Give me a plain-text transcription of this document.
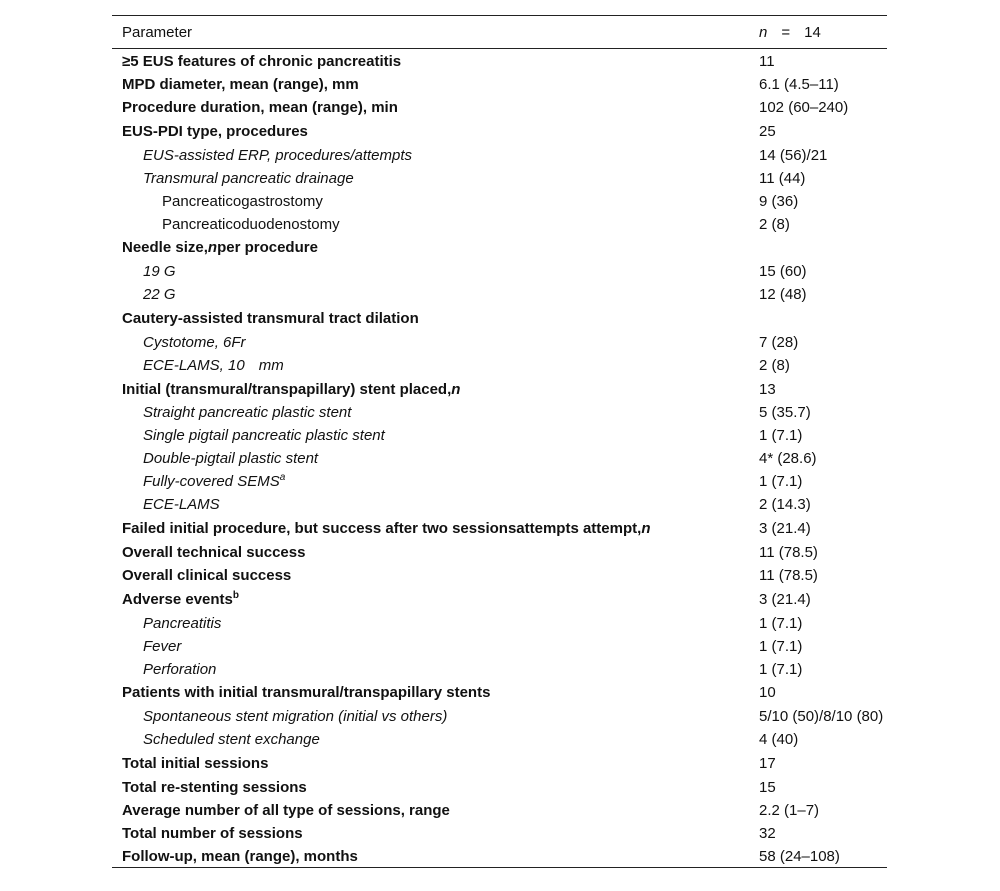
Parameter	n = 14
≥5 EUS features of chronic pancreatitis	11
MPD diameter, mean (range), mm	6.1 (4.5–11)
Procedure duration, mean (range), min	102 (60–240)
EUS-PDI type, procedures	25
EUS-assisted ERP, procedures/attempts	14 (56)/21
Transmural pancreatic drainage	11 (44)
Pancreaticogastrostomy	9 (36)
Pancreaticoduodenostomy	2 (8)
Needle size,nper procedure	
19 G	15 (60)
22 G	12 (48)
Cautery-assisted transmural tract dilation	
Cystotome, 6Fr	7 (28)
ECE-LAMS, 10 mm	2 (8)
Initial (transmural/transpapillary) stent placed,n	13
Straight pancreatic plastic stent	5 (35.7)
Single pigtail pancreatic plastic stent	1 (7.1)
Double-pigtail plastic stent	4* (28.6)
Fully-covered SEMS$^a$	1 (7.1)
ECE-LAMS	2 (14.3)
Failed initial procedure, but success after two sessionsattempts attempt,n	3 (21.4)
Overall technical success	11 (78.5)
Overall clinical success	11 (78.5)
Adverse events$^b$	3 (21.4)
Pancreatitis	1 (7.1)
Fever	1 (7.1)
Perforation	1 (7.1)
Patients with initial transmural/transpapillary stents	10
Spontaneous stent migration (initial vs others)	5/10 (50)/8/10 (80)
Scheduled stent exchange	4 (40)
Total initial sessions	17
Total re-stenting sessions	15
Average number of all type of sessions, range	2.2 (1–7)
Total number of sessions	32
Follow-up, mean (range), months	58 (24–108)
